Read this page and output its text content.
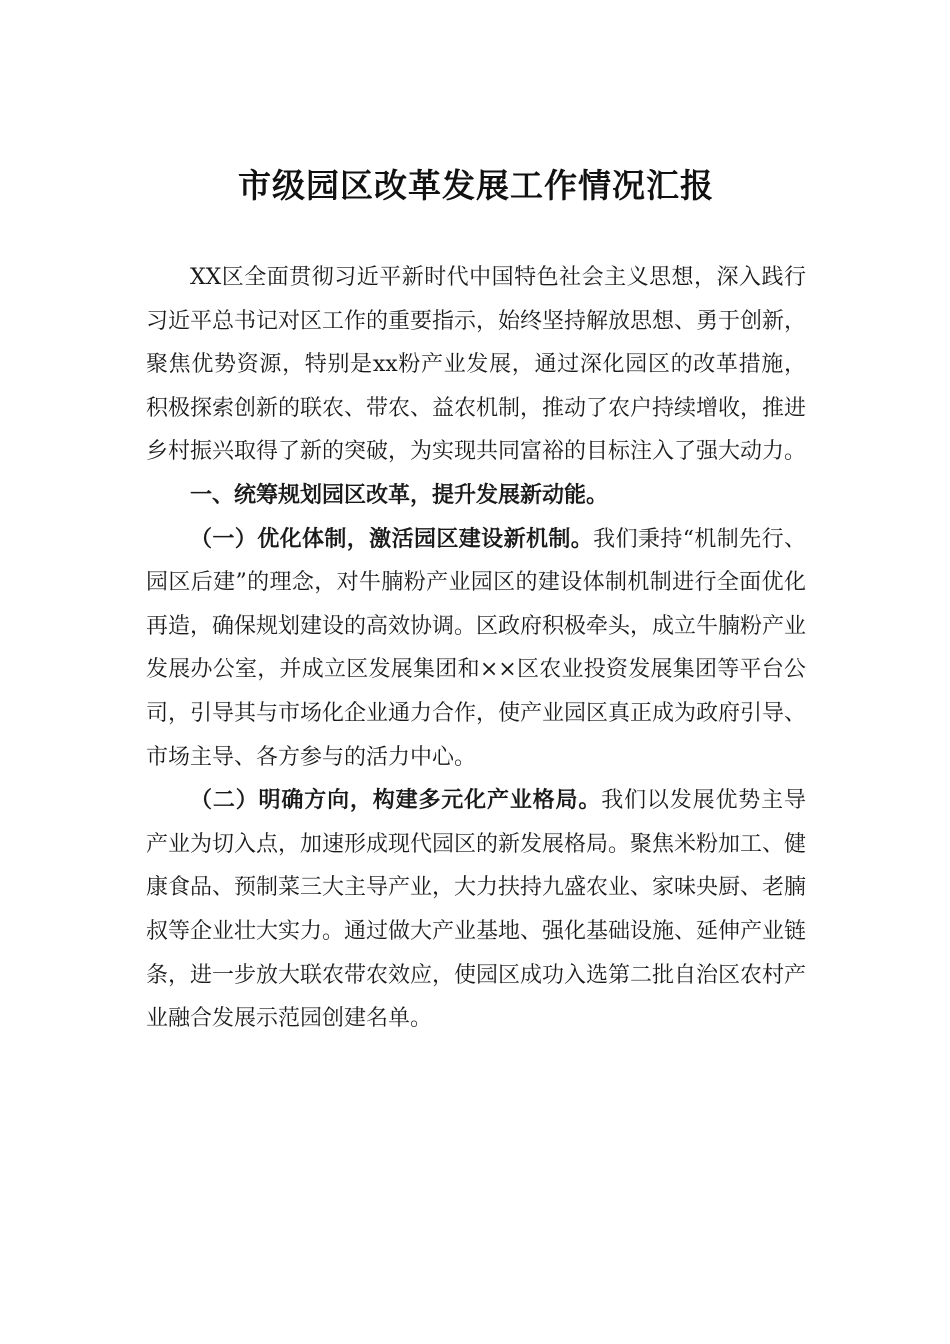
市级园区改革发展工作情况汇报

XX区全面贯彻习近平新时代中国特色社会主义思想，深入践行习近平总书记对区工作的重要指示，始终坚持解放思想、勇于创新，聚焦优势资源，特别是xx粉产业发展，通过深化园区的改革措施，积极探索创新的联农、带农、益农机制，推动了农户持续增收，推进乡村振兴取得了新的突破，为实现共同富裕的目标注入了强大动力。

一、统筹规划园区改革，提升发展新动能。

（一）优化体制，激活园区建设新机制。我们秉持“机制先行、园区后建”的理念，对牛腩粉产业园区的建设体制机制进行全面优化再造，确保规划建设的高效协调。区政府积极牵头，成立牛腩粉产业发展办公室，并成立区发展集团和××区农业投资发展集团等平台公司，引导其与市场化企业通力合作，使产业园区真正成为政府引导、市场主导、各方参与的活力中心。

（二）明确方向，构建多元化产业格局。我们以发展优势主导产业为切入点，加速形成现代园区的新发展格局。聚焦米粉加工、健康食品、预制菜三大主导产业，大力扶持九盛农业、家味央厨、老腩叔等企业壮大实力。通过做大产业基地、强化基础设施、延伸产业链条，进一步放大联农带农效应，使园区成功入选第二批自治区农村产业融合发展示范园创建名单。
